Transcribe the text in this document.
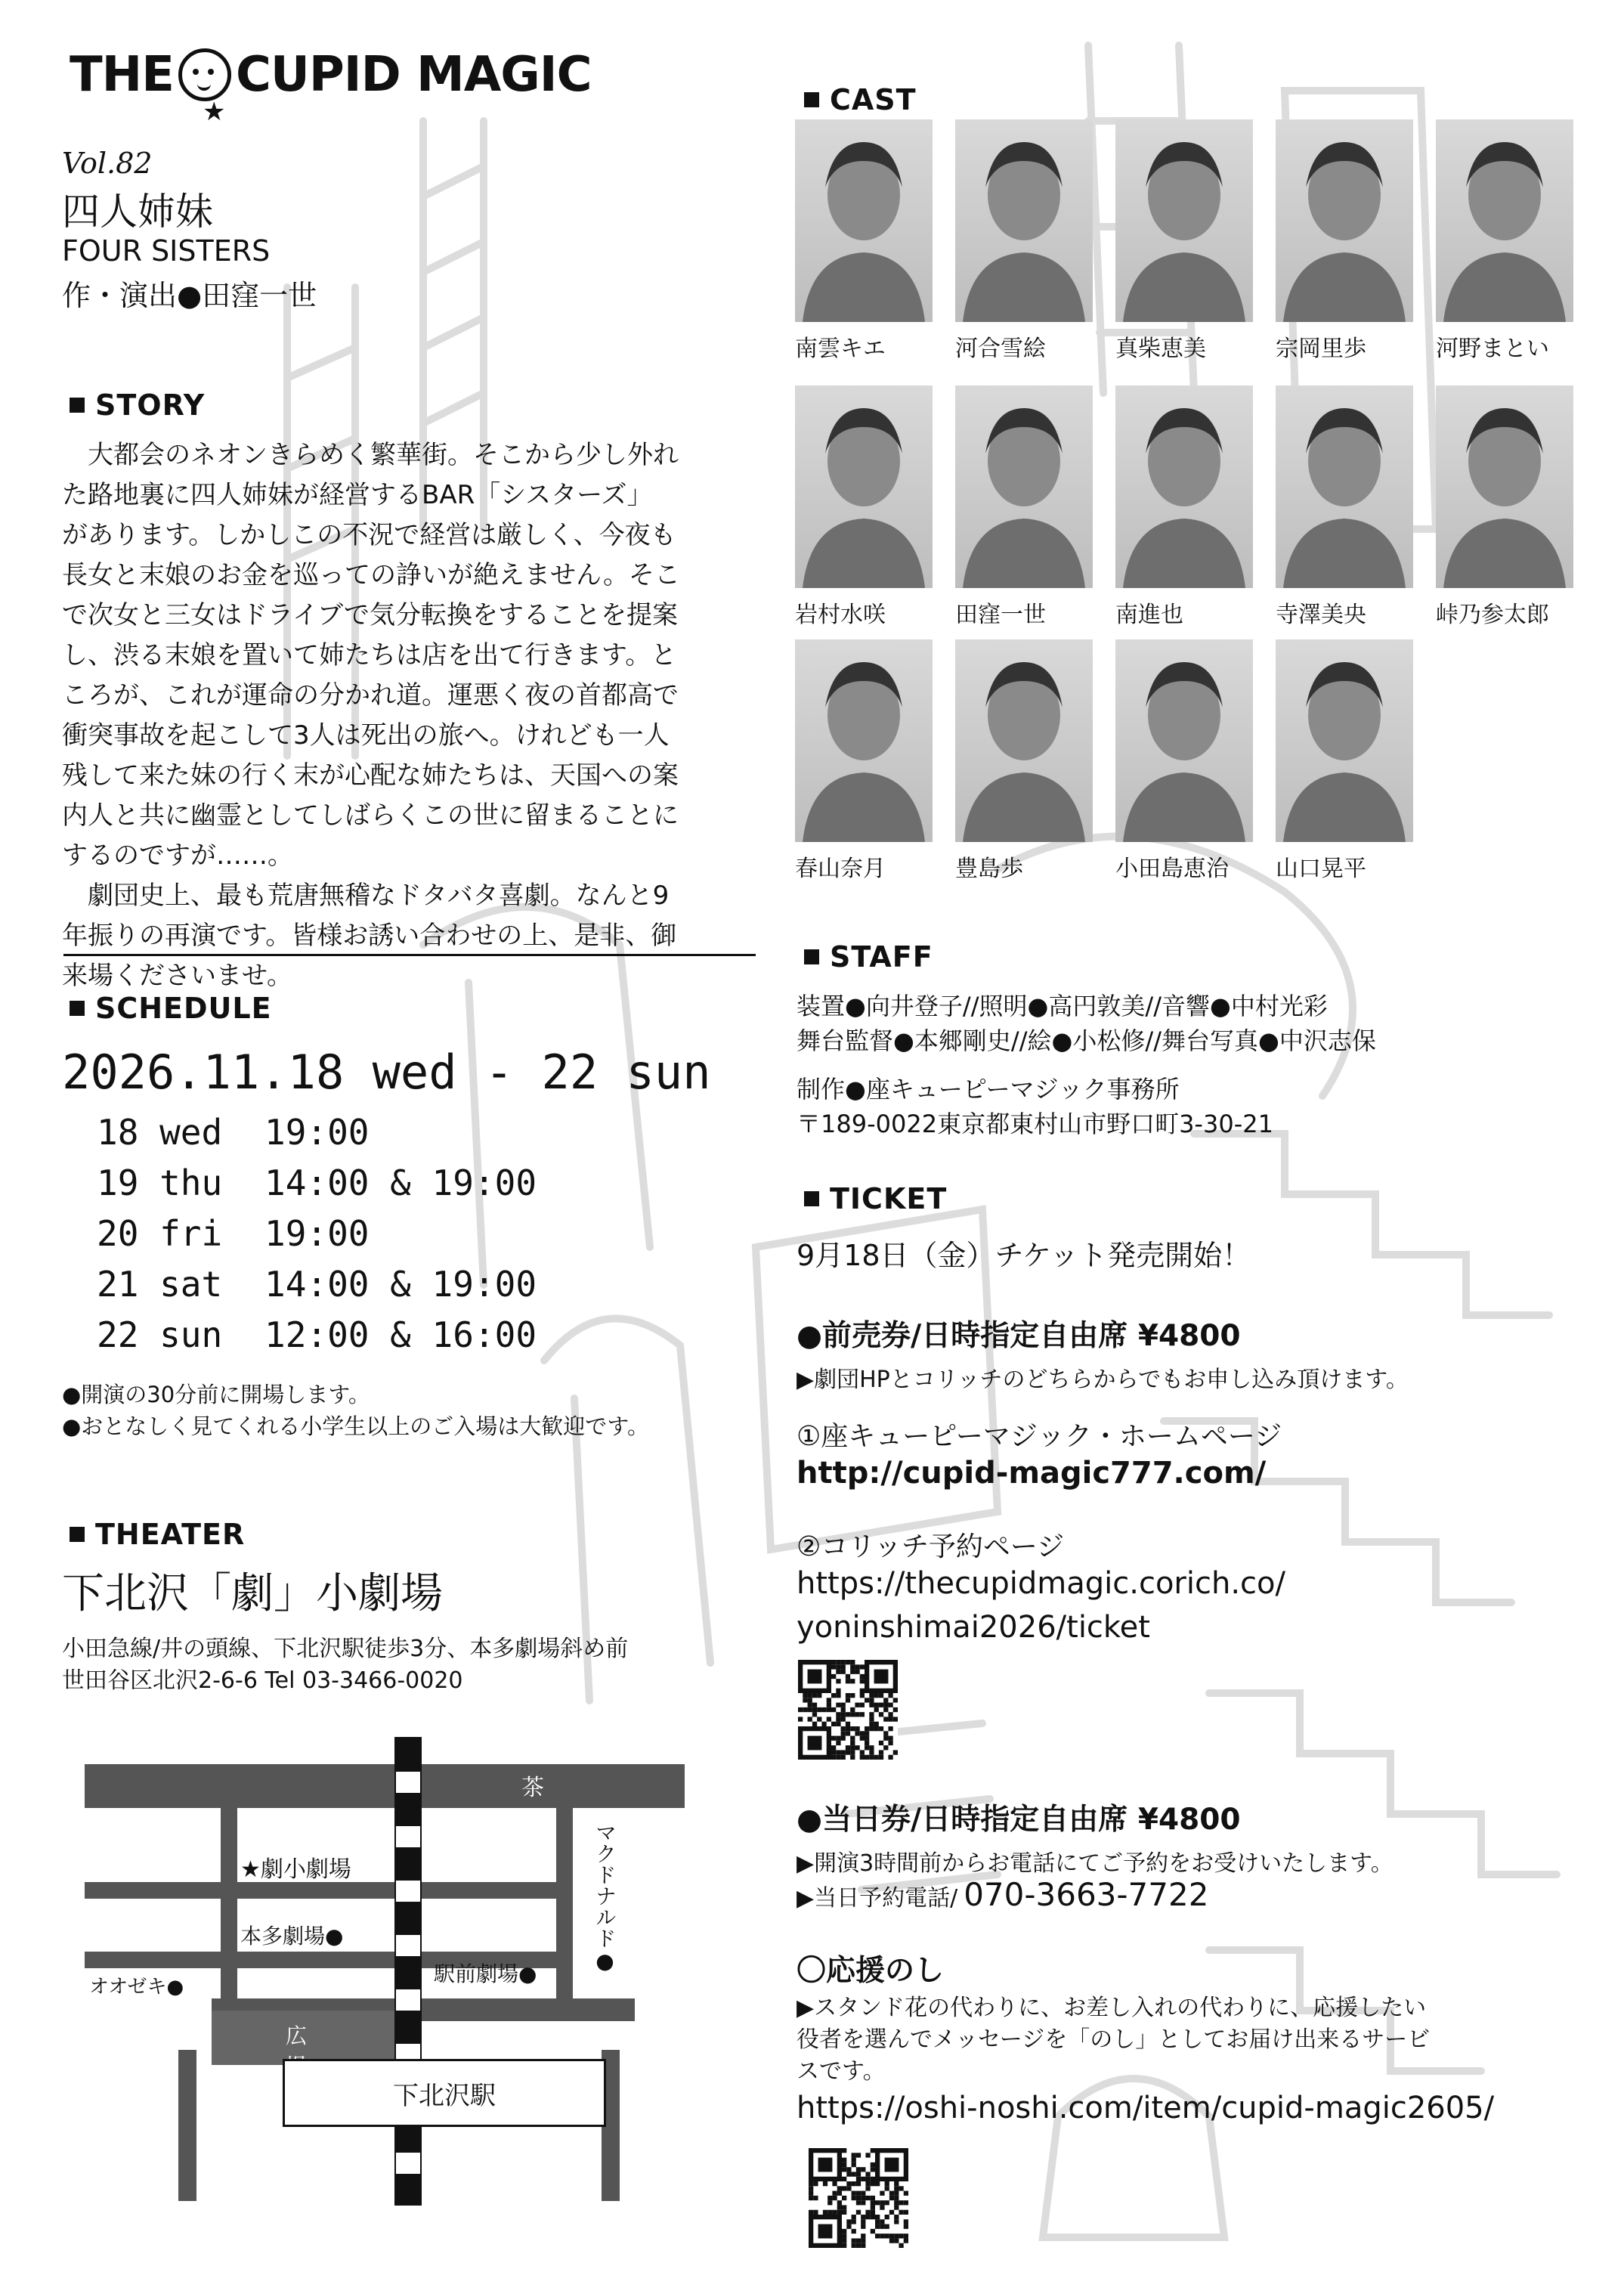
THE CUPID MAGIC
★
Vol.82
四人姉妹
FOUR SISTERS
作・演出●田窪一世
STORY
大都会のネオンきらめく繁華街。そこから少し外れ
た路地裏に四人姉妹が経営するBAR「シスターズ」
があります。しかしこの不況で経営は厳しく、今夜も
長女と末娘のお金を巡っての諍いが絶えません。そこ
で次女と三女はドライブで気分転換をすることを提案
し、渋る末娘を置いて姉たちは店を出て行きます。と
ころが、これが運命の分かれ道。運悪く夜の首都高で
衝突事故を起こして3人は死出の旅へ。けれども一人
残して来た妹の行く末が心配な姉たちは、天国への案
内人と共に幽霊としてしばらくこの世に留まることに
するのですが……。
劇団史上、最も荒唐無稽なドタバタ喜劇。なんと9
年振りの再演です。皆様お誘い合わせの上、是非、御
来場くださいませ。
SCHEDULE
2026.11.18 wed - 22 sun
18 wed	19:00
19 thu	14:00 & 19:00
20 fri	19:00
21 sat	14:00 & 19:00
22 sun	12:00 & 16:00
●開演の30分前に開場します。
●おとなしく見てくれる小学生以上のご入場は大歓迎です。
THEATER
下北沢「劇」小劇場
小田急線/井の頭線、下北沢駅徒歩3分、本多劇場斜め前
世田谷区北沢2-6-6 Tel 03-3466-0020
茶沢通
★劇小劇場
本多劇場●
駅前劇場●
オオゼキ●
マクドナルド●
広
下北沢駅
CAST
南雲キエ	河合雪絵	真柴恵美	宗岡里歩	河野まとい
岩村水咲	田窪一世	南進也	寺澤美央	峠乃参太郎
春山奈月	豊島歩	小田島恵治	山口晃平
STAFF
装置●向井登子//照明●高円敦美//音響●中村光彩
舞台監督●本郷剛史//絵●小松修//舞台写真●中沢志保
制作●座キューピーマジック事務所
〒189-0022東京都東村山市野口町3-30-21
TICKET
9月18日（金）チケット発売開始！
●前売券/日時指定自由席 ¥4800
▶劇団HPとコリッチのどちらからでもお申し込み頂けます。
①座キューピーマジック・ホームページ
http://cupid-magic777.com/
②コリッチ予約ページ
https://thecupidmagic.corich.co/
yoninshimai2026/ticket
●当日券/日時指定自由席 ¥4800
▶開演3時間前からお電話にてご予約をお受けいたします。
▶当日予約電話/ 070-3663-7722
〇応援のし
▶スタンド花の代わりに、お差し入れの代わりに、応援したい
役者を選んでメッセージを「のし」としてお届け出来るサービ
スです。
https://oshi-noshi.com/item/cupid-magic2605/
